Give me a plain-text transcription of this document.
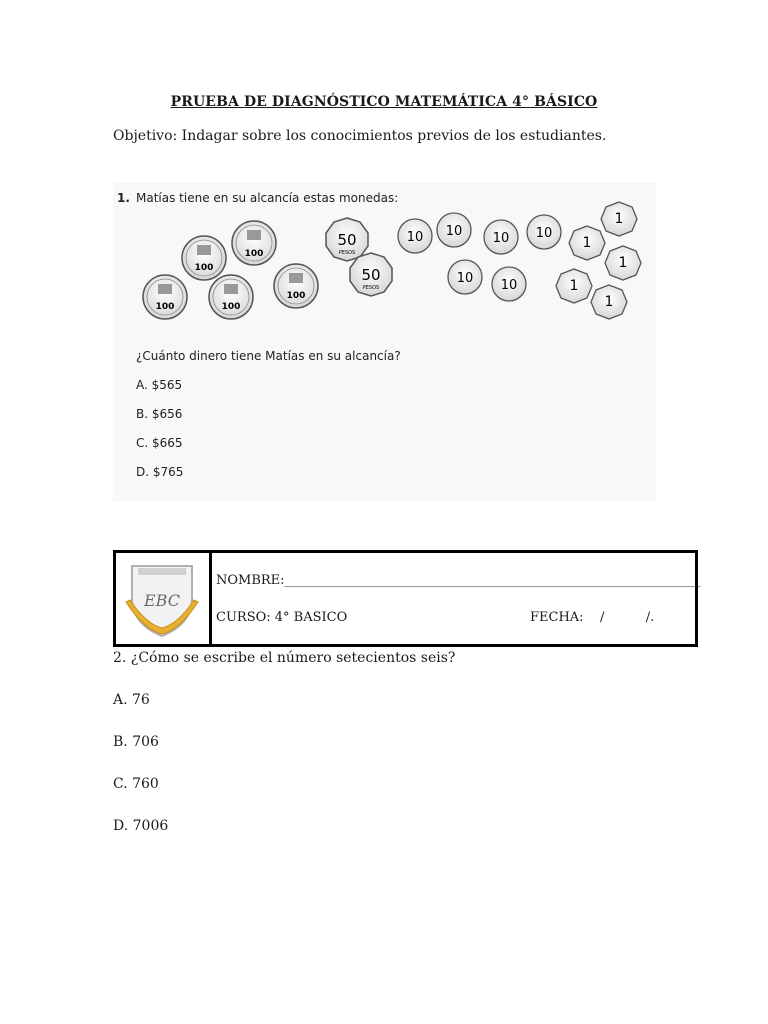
PRUEBA DE DIAGNÓSTICO MATEMÁTICA 4° BÁSICO
Objetivo: Indagar sobre los conocimientos previos de los estudiantes.
1. Matías tiene en su alcancía estas monedas:
100
100
100	100
100
50
PESOS
50
PESOS
10 10 10 10
10 10
1
1
1
1
1
¿Cuánto dinero tiene Matías en su alcancía?
A. $565
B. $656
C. $665
D. $765
EBC
NOMBRE:________________________________________________________________
CURSO: 4° BASICO	FECHA: /          /.
2. ¿Cómo se escribe el número setecientos seis?
A. 76
B. 706
C. 760
D. 7006
